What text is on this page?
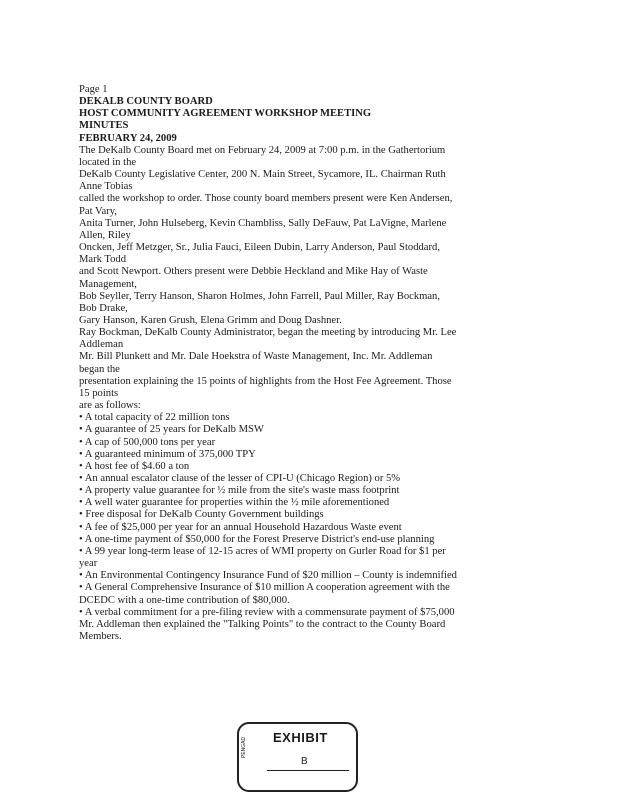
Page 1
DEKALB COUNTY BOARD
HOST COMMUNITY AGREEMENT WORKSHOP MEETING
MINUTES
FEBRUARY 24, 2009
The DeKalb County Board met on February 24, 2009 at 7:00 p.m. in the Gathertorium
located in the
DeKalb County Legislative Center, 200 N. Main Street, Sycamore, IL. Chairman Ruth
Anne Tobias
called the workshop to order. Those county board members present were Ken Andersen,
Pat Vary,
Anita Turner, John Hulseberg, Kevin Chambliss, Sally DeFauw, Pat LaVigne, Marlene
Allen, Riley
Oncken, Jeff Metzger, Sr., Julia Fauci, Eileen Dubin, Larry Anderson, Paul Stoddard,
Mark Todd
and Scott Newport. Others present were Debbie Heckland and Mike Hay of Waste
Management,
Bob Seyller, Terry Hanson, Sharon Holmes, John Farrell, Paul Miller, Ray Bockman,
Bob Drake,
Gary Hanson, Karen Grush, Elena Grimm and Doug Dashner.
Ray Bockman, DeKalb County Administrator, began the meeting by introducing Mr. Lee
Addleman
Mr. Bill Plunkett and Mr. Dale Hoekstra of Waste Management, Inc. Mr. Addleman
began the
presentation explaining the 15 points of highlights from the Host Fee Agreement. Those
15 points
are as follows:
• A total capacity of 22 million tons
• A guarantee of 25 years for DeKalb MSW
• A cap of 500,000 tons per year
• A guaranteed minimum of 375,000 TPY
• A host fee of $4.60 a ton
• An annual escalator clause of the lesser of CPI-U (Chicago Region) or 5%
• A property value guarantee for ½ mile from the site's waste mass footprint
• A well water guarantee for properties within the ½ mile aforementioned
• Free disposal for DeKalb County Government buildings
• A fee of $25,000 per year for an annual Household Hazardous Waste event
• A one-time payment of $50,000 for the Forest Preserve District's end-use planning
• A 99 year long-term lease of 12-15 acres of WMI property on Gurler Road for $1 per
year
• An Environmental Contingency Insurance Fund of $20 million – County is indemnified
• A General Comprehensive Insurance of $10 million A cooperation agreement with the
DCEDC with a one-time contribution of $80,000.
• A verbal commitment for a pre-filing review with a commensurate payment of $75,000
Mr. Addleman then explained the "Talking Points" to the contract to the County Board
Members.
EXHIBIT
PENGAD
B
